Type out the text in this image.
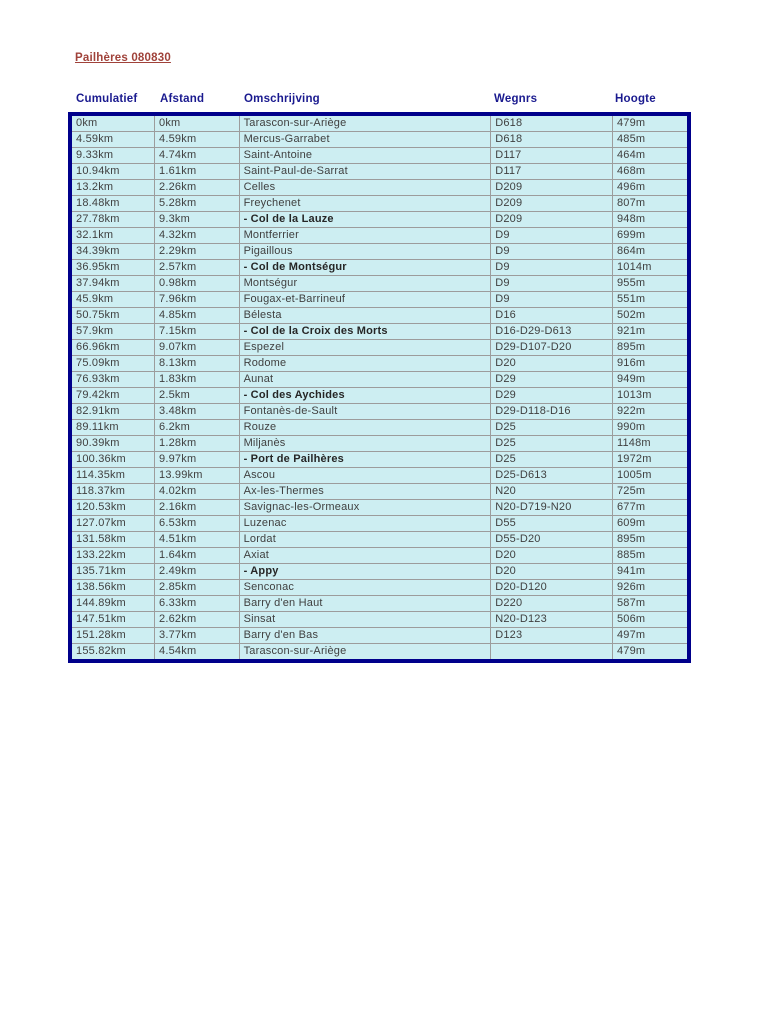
Pailhères 080830
Cumulatief	Afstand	Omschrijving	Wegnrs	Hoogte
0km	0km	Tarascon-sur-Ariège	D618	479m
4.59km	4.59km	Mercus-Garrabet	D618	485m
9.33km	4.74km	Saint-Antoine	D117	464m
10.94km	1.61km	Saint-Paul-de-Sarrat	D117	468m
13.2km	2.26km	Celles	D209	496m
18.48km	5.28km	Freychenet	D209	807m
27.78km	9.3km	- Col de la Lauze	D209	948m
32.1km	4.32km	Montferrier	D9	699m
34.39km	2.29km	Pigaillous	D9	864m
36.95km	2.57km	- Col de Montségur	D9	1014m
37.94km	0.98km	Montségur	D9	955m
45.9km	7.96km	Fougax-et-Barrineuf	D9	551m
50.75km	4.85km	Bélesta	D16	502m
57.9km	7.15km	- Col de la Croix des Morts	D16-D29-D613	921m
66.96km	9.07km	Espezel	D29-D107-D20	895m
75.09km	8.13km	Rodome	D20	916m
76.93km	1.83km	Aunat	D29	949m
79.42km	2.5km	- Col des Aychides	D29	1013m
82.91km	3.48km	Fontanès-de-Sault	D29-D118-D16	922m
89.11km	6.2km	Rouze	D25	990m
90.39km	1.28km	Miljanès	D25	1148m
100.36km	9.97km	- Port de Pailhères	D25	1972m
114.35km	13.99km	Ascou	D25-D613	1005m
118.37km	4.02km	Ax-les-Thermes	N20	725m
120.53km	2.16km	Savignac-les-Ormeaux	N20-D719-N20	677m
127.07km	6.53km	Luzenac	D55	609m
131.58km	4.51km	Lordat	D55-D20	895m
133.22km	1.64km	Axiat	D20	885m
135.71km	2.49km	- Appy	D20	941m
138.56km	2.85km	Senconac	D20-D120	926m
144.89km	6.33km	Barry d'en Haut	D220	587m
147.51km	2.62km	Sinsat	N20-D123	506m
151.28km	3.77km	Barry d'en Bas	D123	497m
155.82km	4.54km	Tarascon-sur-Ariège		479m
